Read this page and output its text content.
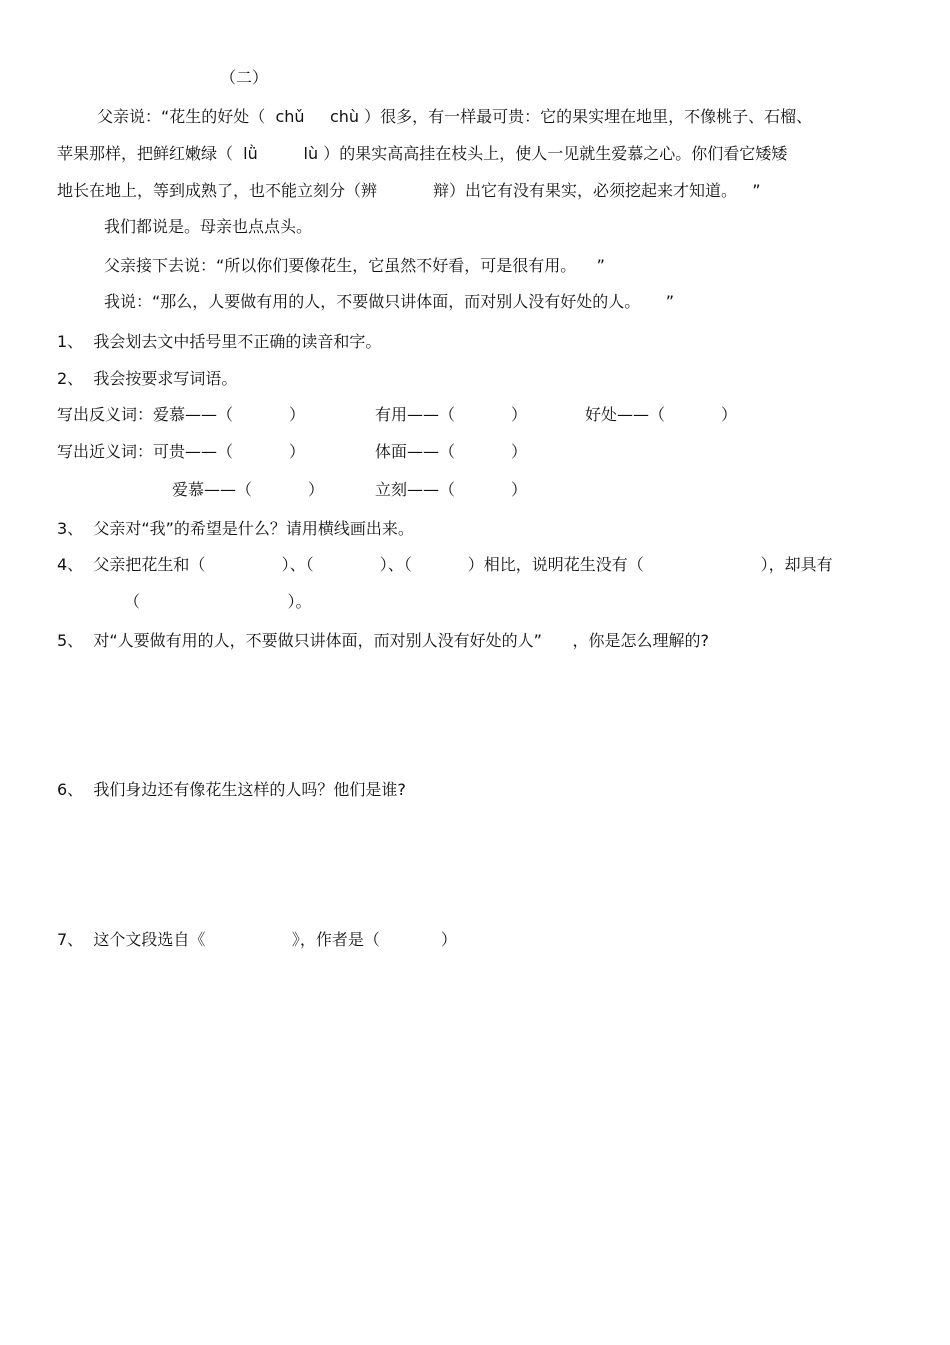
（二）
父亲说：“花生的好处（  chǔ     chù ）很多，有一样最可贵：它的果实埋在地里，不像桃子、石榴、
苹果那样，把鲜红嫩绿（  lǜ         lù ）的果实高高挂在枝头上，使人一见就生爱慕之心。你们看它矮矮
地长在地上，等到成熟了，也不能立刻分（辨           辩）出它有没有果实，必须挖起来才知道。   ”
我们都说是。母亲也点点头。
父亲接下去说：“所以你们要像花生，它虽然不好看，可是很有用。    ”
我说：“那么，人要做有用的人，不要做只讲体面，而对别人没有好处的人。     ”
1、  我会划去文中括号里不正确的读音和字。
2、  我会按要求写词语。
写出反义词：爱慕——（           ）	有用——（           ）	好处——（           ）
写出近义词：可贵——（           ）	体面——（           ）
爱慕——（           ）	立刻——（           ）
3、  父亲对“我”的希望是什么？请用横线画出来。
4、  父亲把花生和（               ）、（             ）、（           ）相比，说明花生没有（                       ），却具有
（                             ）。
5、  对“人要做有用的人，不要做只讲体面，而对别人没有好处的人”      ，你是怎么理解的?
6、  我们身边还有像花生这样的人吗？他们是谁?
7、  这个文段选自《                 》，作者是（            ）
